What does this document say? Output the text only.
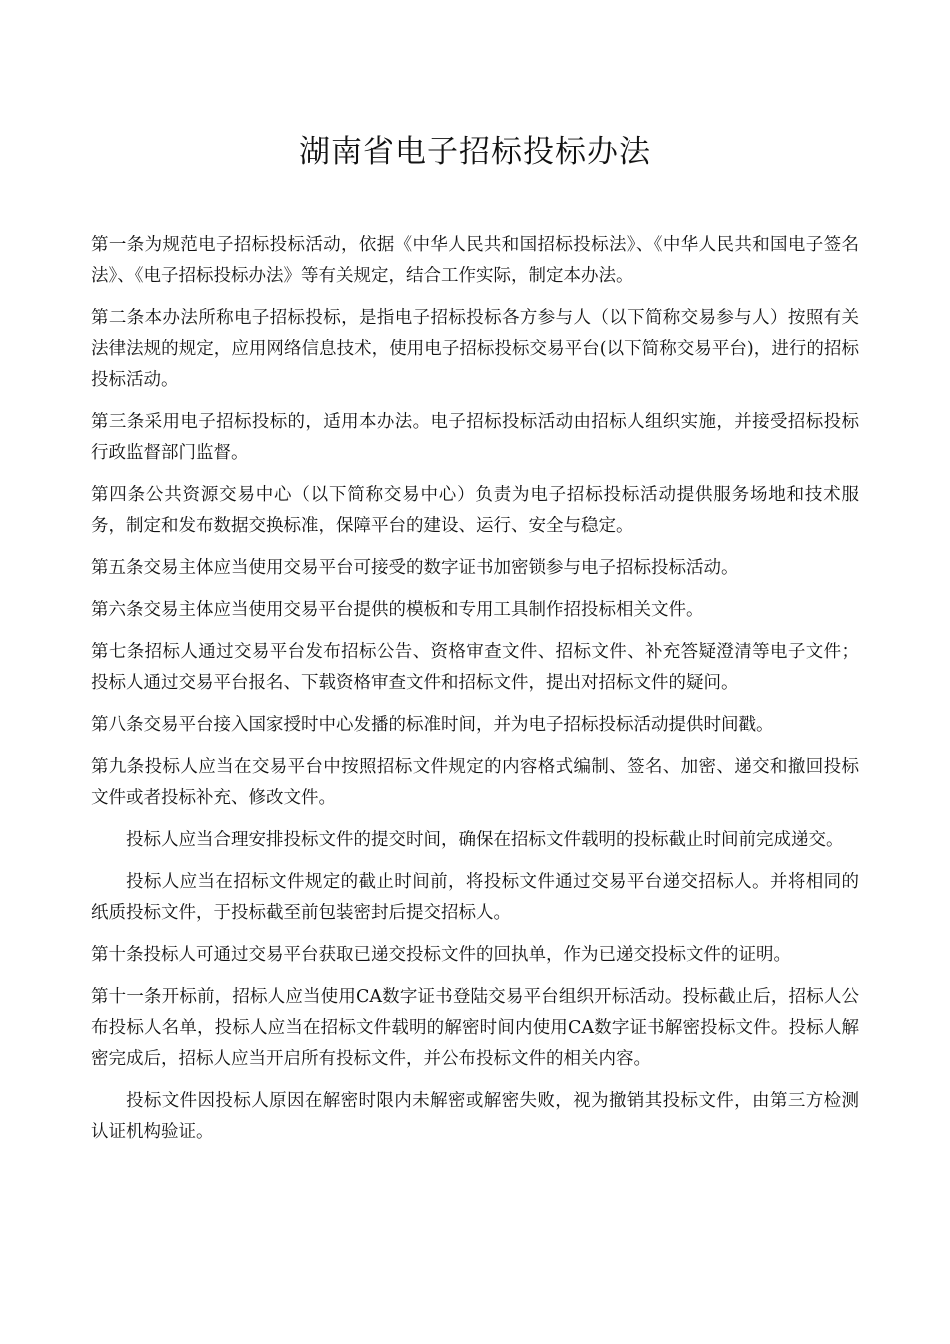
湖南省电子招标投标办法

第一条为规范电子招标投标活动，依据《中华人民共和国招标投标法》、《中华人民共和国电子签名法》、《电子招标投标办法》等有关规定，结合工作实际，制定本办法。

第二条本办法所称电子招标投标，是指电子招标投标各方参与人（以下简称交易参与人）按照有关法律法规的规定，应用网络信息技术，使用电子招标投标交易平台(以下简称交易平台)，进行的招标投标活动。

第三条采用电子招标投标的，适用本办法。电子招标投标活动由招标人组织实施，并接受招标投标行政监督部门监督。

第四条公共资源交易中心（以下简称交易中心）负责为电子招标投标活动提供服务场地和技术服务，制定和发布数据交换标准，保障平台的建设、运行、安全与稳定。

第五条交易主体应当使用交易平台可接受的数字证书加密锁参与电子招标投标活动。

第六条交易主体应当使用交易平台提供的模板和专用工具制作招投标相关文件。

第七条招标人通过交易平台发布招标公告、资格审查文件、招标文件、补充答疑澄清等电子文件；投标人通过交易平台报名、下载资格审查文件和招标文件，提出对招标文件的疑问。

第八条交易平台接入国家授时中心发播的标准时间，并为电子招标投标活动提供时间戳。

第九条投标人应当在交易平台中按照招标文件规定的内容格式编制、签名、加密、递交和撤回投标文件或者投标补充、修改文件。

投标人应当合理安排投标文件的提交时间，确保在招标文件载明的投标截止时间前完成递交。

投标人应当在招标文件规定的截止时间前，将投标文件通过交易平台递交招标人。并将相同的纸质投标文件，于投标截至前包装密封后提交招标人。

第十条投标人可通过交易平台获取已递交投标文件的回执单，作为已递交投标文件的证明。

第十一条开标前，招标人应当使用CA数字证书登陆交易平台组织开标活动。投标截止后，招标人公布投标人名单，投标人应当在招标文件载明的解密时间内使用CA数字证书解密投标文件。投标人解密完成后，招标人应当开启所有投标文件，并公布投标文件的相关内容。

投标文件因投标人原因在解密时限内未解密或解密失败，视为撤销其投标文件，由第三方检测认证机构验证。
